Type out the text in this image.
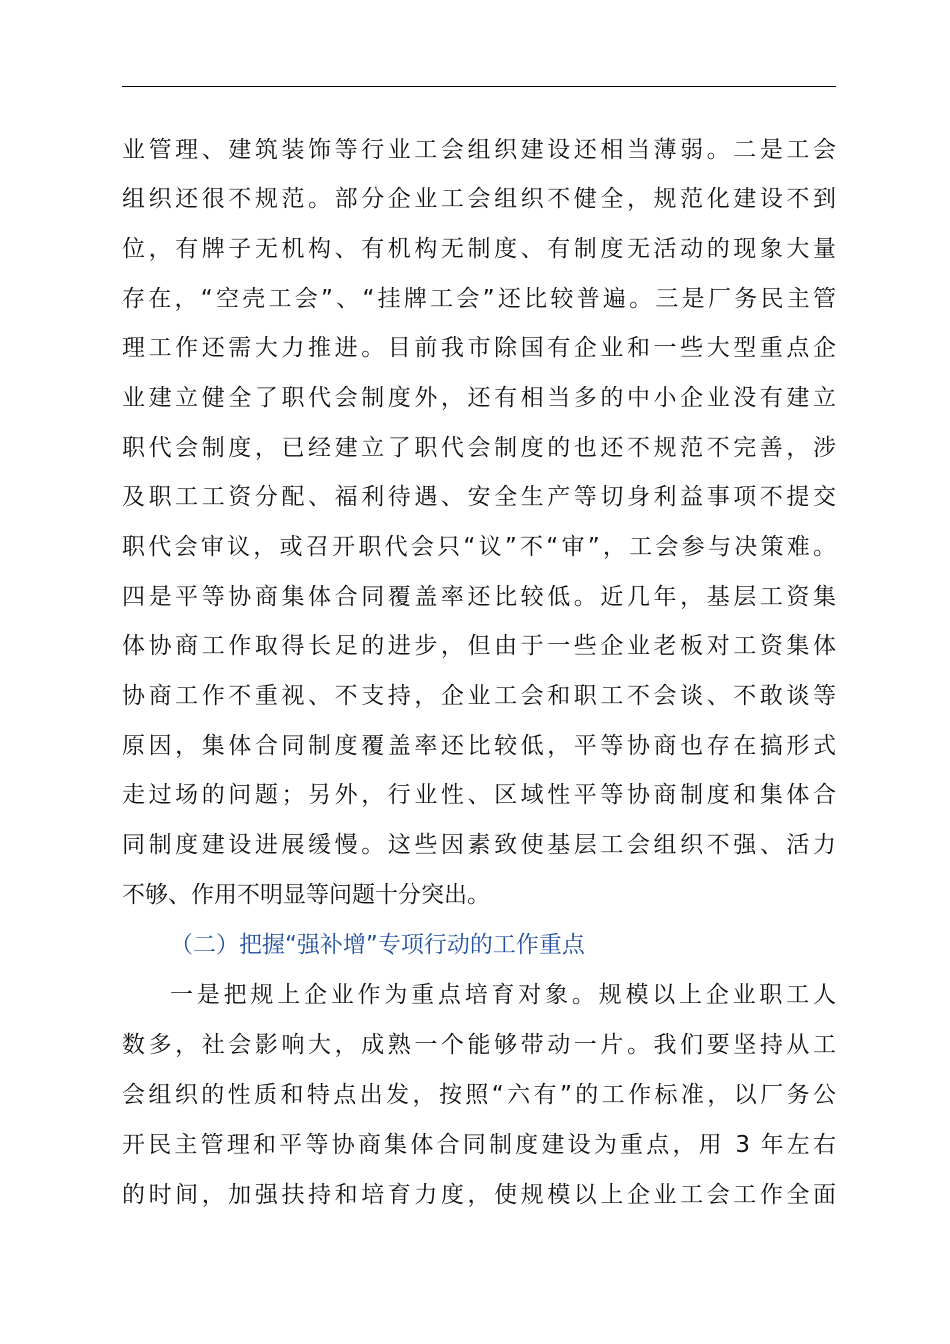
业管理、建筑装饰等行业工会组织建设还相当薄弱。二是工会
组织还很不规范。部分企业工会组织不健全，规范化建设不到
位，有牌子无机构、有机构无制度、有制度无活动的现象大量
存在，“空壳工会”、“挂牌工会”还比较普遍。三是厂务民主管
理工作还需大力推进。目前我市除国有企业和一些大型重点企
业建立健全了职代会制度外，还有相当多的中小企业没有建立
职代会制度，已经建立了职代会制度的也还不规范不完善，涉
及职工工资分配、福利待遇、安全生产等切身利益事项不提交
职代会审议，或召开职代会只“议”不“审”，工会参与决策难。
四是平等协商集体合同覆盖率还比较低。近几年，基层工资集
体协商工作取得长足的进步，但由于一些企业老板对工资集体
协商工作不重视、不支持，企业工会和职工不会谈、不敢谈等
原因，集体合同制度覆盖率还比较低，平等协商也存在搞形式
走过场的问题；另外，行业性、区域性平等协商制度和集体合
同制度建设进展缓慢。这些因素致使基层工会组织不强、活力
不够、作用不明显等问题十分突出。
（二）把握“强补增”专项行动的工作重点
一是把规上企业作为重点培育对象。规模以上企业职工人
数多，社会影响大，成熟一个能够带动一片。我们要坚持从工
会组织的性质和特点出发，按照“六有”的工作标准，以厂务公
开民主管理和平等协商集体合同制度建设为重点，用 3 年左右
的时间，加强扶持和培育力度，使规模以上企业工会工作全面
